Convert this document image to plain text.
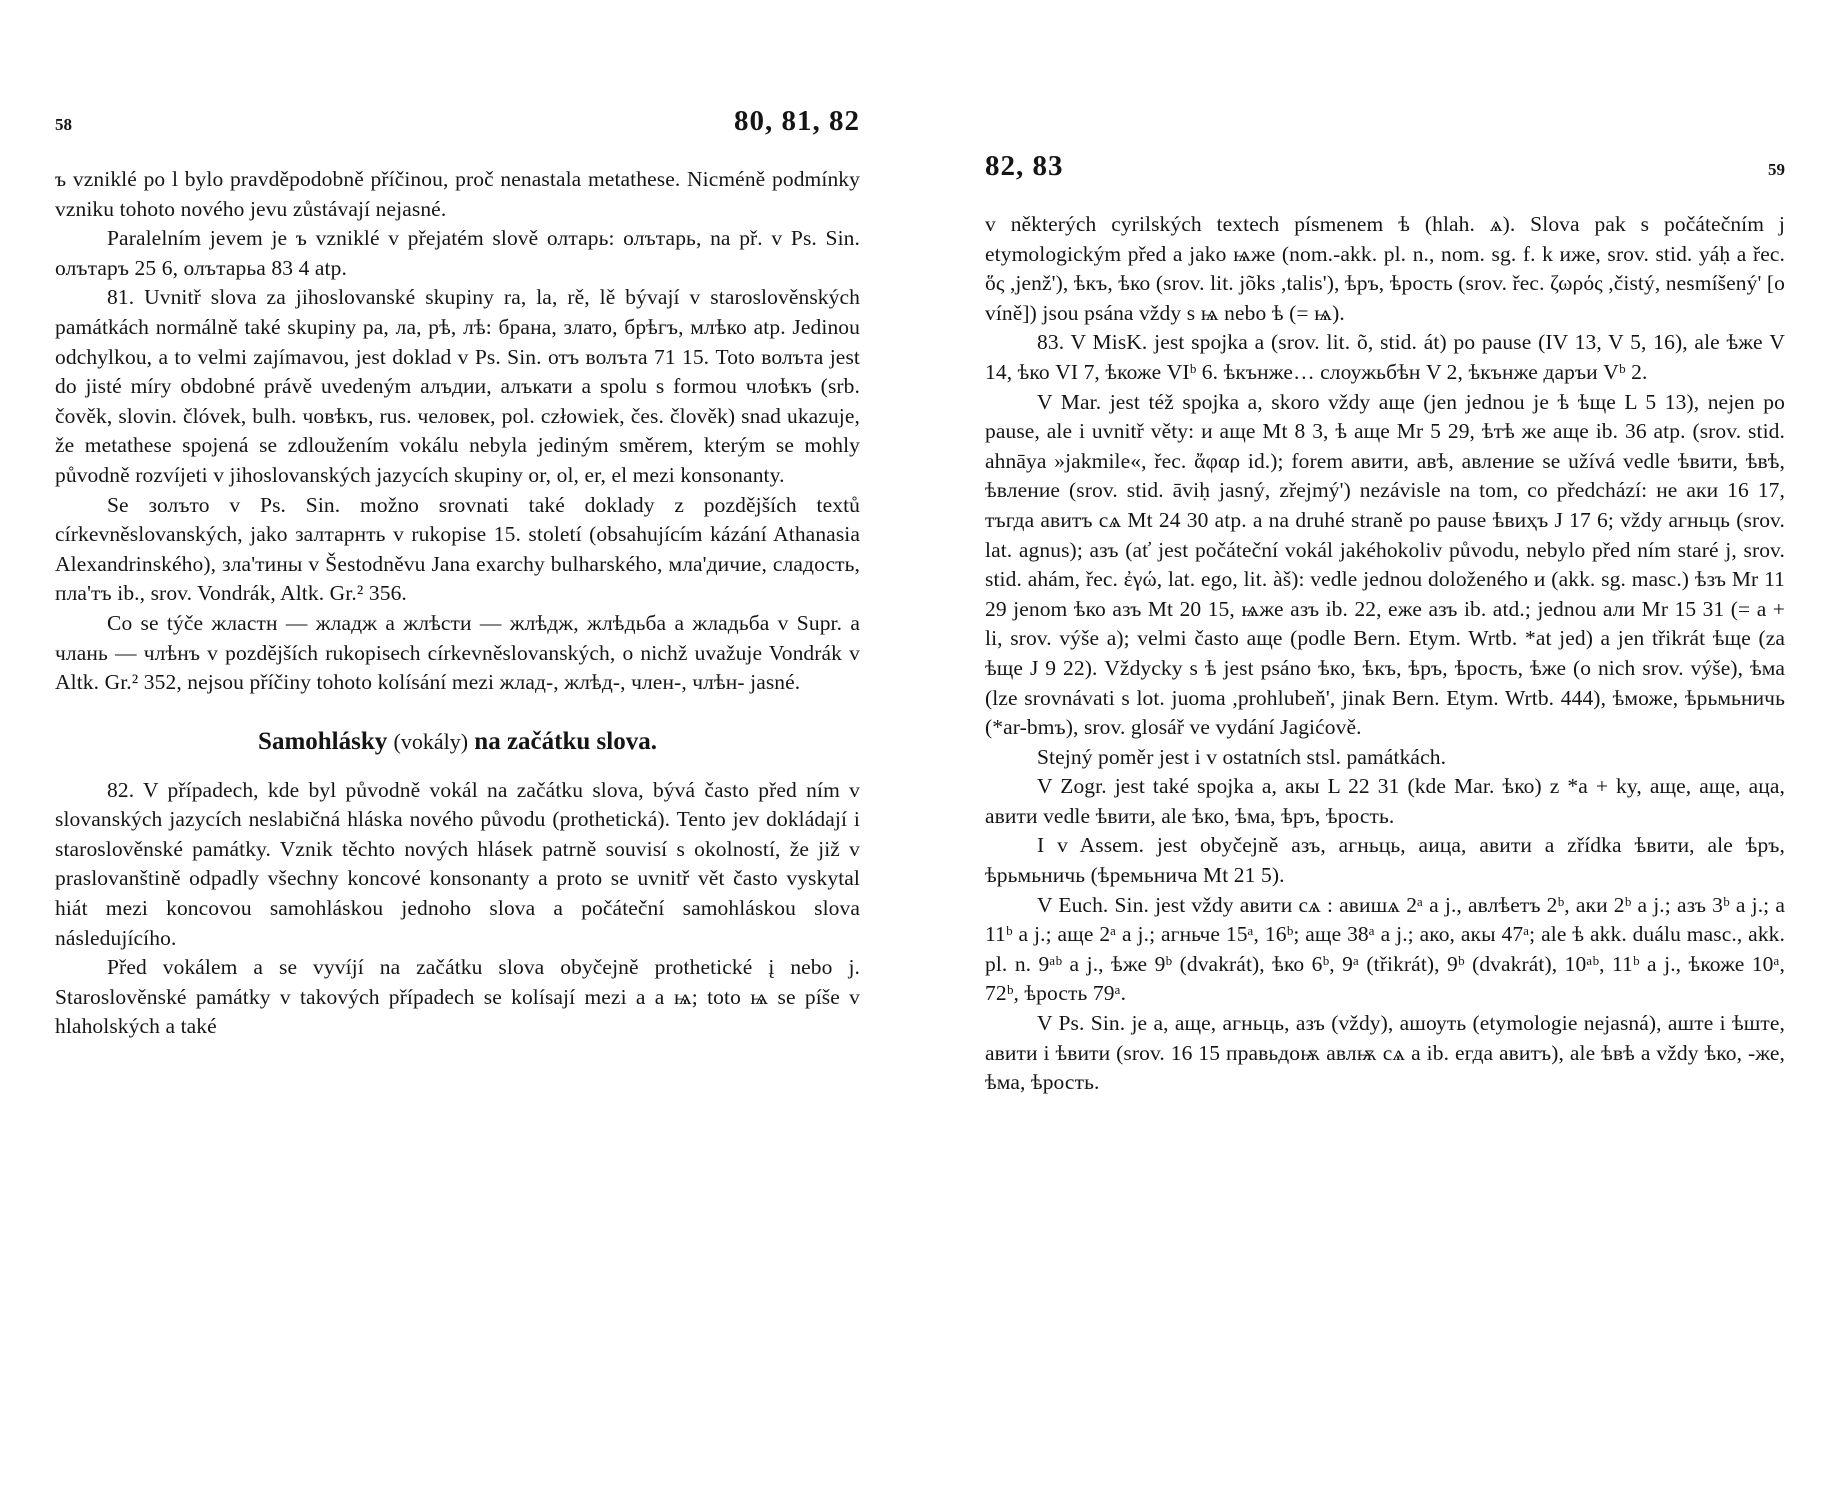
58	80, 81, 82

ъ vzniklé po l bylo pravděpodobně příčinou, proč nenastala metathese. Nicméně podmínky vzniku tohoto nového jevu zůstávají nejasné.

Paralelním jevem je ъ vzniklé v přejatém slově олтарь: олътарь, na př. v Ps. Sin. олътаръ 25 6, олътарьа 83 4 atp.

81. Uvnitř slova za jihoslovanské skupiny ra, la, rě, lě bývají v staroslověnských památkách normálně také skupiny ра, ла, рѣ, лѣ: брана, злато, брѣгъ, млѣко atp. Jedinou odchylkou, a to velmi zajímavou, jest doklad v Ps. Sin. отъ волъта 71 15. Toto волъта jest do jisté míry obdobné právě uvedeným алъдии, алъкати a spolu s formou члоѣкъ (srb. čověk, slovin. člóvek, bulh. човѣкъ, rus. человек, pol. człowiek, čes. člověk) snad ukazuje, že metathese spojená se zdloužením vokálu nebyla jediným směrem, kterým se mohly původně rozvíjeti v jihoslovanských jazycích skupiny or, ol, er, el mezi konsonanty.

Se золъто v Ps. Sin. možno srovnati také doklady z pozdějších textů církevněslovanských, jako залтарнть v rukopise 15. století (obsahujícím kázání Athanasia Alexandrinského), зла'тины v Šestodněvu Jana exarchy bulharského, мла'дичие, сладость, пла'тъ ib., srov. Vondrák, Altk. Gr.² 356.

Co se týče жластн — жладж a жлѣсти — жлѣдж, жлѣдьба a жладьба v Supr. a члань — члѣнъ v pozdějších rukopisech církevněslovanských, o nichž uvažuje Vondrák v Altk. Gr.² 352, nejsou příčiny tohoto kolísání mezi жлад-, жлѣд-, член-, члѣн- jasné.

Samohlásky (vokály) na začátku slova.

82. V případech, kde byl původně vokál na začátku slova, bývá často před ním v slovanských jazycích neslabičná hláska nového původu (prothetická). Tento jev dokládají i staroslověnské památky. Vznik těchto nových hlásek patrně souvisí s okolností, že již v praslovanštině odpadly všechny koncové konsonanty a proto se uvnitř vět často vyskytal hiát mezi koncovou samohláskou jednoho slova a počáteční samohláskou slova následujícího.

Před vokálem a se vyvíjí na začátku slova obyčejně prothetické į nebo j. Staroslověnské památky v takových případech se kolísají mezi а a ѩ; toto ѩ se píše v hlaholských a také

82, 83	59

v některých cyrilských textech písmenem ѣ (hlah. ѧ). Slova pak s počátečním j etymologickým před a jako ѩже (nom.-akk. pl. n., nom. sg. f. k иже, srov. stid. yáḥ a řec. ὅς ,jenž'), ѣкъ, ѣко (srov. lit. jõks ,talis'), ѣръ, ѣрость (srov. řec. ζωρός ,čistý, nesmíšený' [o víně]) jsou psána vždy s ѩ nebo ѣ (= ѩ).

83. V MisK. jest spojka а (srov. lit. õ, stid. át) po pause (IV 13, V 5, 16), ale ѣже V 14, ѣко VI 7, ѣкоже VIᵇ 6. ѣкънже… слоужьбѣн V 2, ѣкънже даръи Vᵇ 2.

V Mar. jest též spojka а, skoro vždy аще (jen jednou je ѣ ѣще L 5 13), nejen po pause, ale i uvnitř věty: и аще Mt 8 3, ѣ аще Mr 5 29, ѣтѣ же аще ib. 36 atp. (srov. stid. ahnāya »jakmile«, řec. ἄφαρ id.); forem авити, авѣ, авление se užívá vedle ѣвити, ѣвѣ, ѣвление (srov. stid. āviḥ jasný, zřejmý') nezávisle na tom, co předchází: не аки 16 17, тъгда авитъ сѧ Mt 24 30 atp. a na druhé straně po pause ѣвиҳъ J 17 6; vždy агньць (srov. lat. agnus); азъ (ať jest počáteční vokál jakéhokoliv původu, nebylo před ním staré j, srov. stid. ahám, řec. ἐγώ, lat. ego, lit. àš): vedle jednou doloženého и (akk. sg. masc.) ѣзъ Mr 11 29 jenom ѣко азъ Mt 20 15, ѩже азъ ib. 22, еже азъ ib. atd.; jednou али Mr 15 31 (= a + li, srov. výše а); velmi často аще (podle Bern. Etym. Wrtb. *at jed) a jen třikrát ѣще (za ѣще J 9 22). Vždycky s ѣ jest psáno ѣко, ѣкъ, ѣръ, ѣрость, ѣже (o nich srov. výše), ѣма (lze srovnávati s lot. juoma ,prohlubeň', jinak Bern. Etym. Wrtb. 444), ѣможе, ѣрьмьничь (*ar-bmъ), srov. glosář ve vydání Jagićově.

Stejný poměr jest i v ostatních stsl. památkách.

V Zogr. jest také spojka а, акы L 22 31 (kde Mar. ѣко) z *a + ky, аще, аще, аца, авити vedle ѣвити, ale ѣко, ѣма, ѣръ, ѣрость.

I v Assem. jest obyčejně азъ, агньць, аица, авити a zřídka ѣвити, ale ѣръ, ѣрьмьничь (ѣремьнича Mt 21 5).

V Euch. Sin. jest vždy авити сѧ : авишѧ 2ᵃ a j., авлѣетъ 2ᵇ, аки 2ᵇ a j.; азъ 3ᵇ a j.; а 11ᵇ a j.; аще 2ᵃ a j.; агньче 15ᵃ, 16ᵇ; аще 38ᵃ a j.; ако, акы 47ᵃ; ale ѣ akk. duálu masc., akk. pl. n. 9ᵃᵇ a j., ѣже 9ᵇ (dvakrát), ѣко 6ᵇ, 9ᵃ (třikrát), 9ᵇ (dvakrát), 10ᵃᵇ, 11ᵇ a j., ѣкоже 10ᵃ, 72ᵇ, ѣрость 79ᵃ.

V Ps. Sin. je а, аще, агньць, азъ (vždy), ашоуть (etymologie nejasná), аште i ѣште, авити i ѣвити (srov. 16 15 правьдоѭ авлѭ сѧ a ib. егда авитъ), ale ѣвѣ a vždy ѣко, -же, ѣма, ѣрость.
